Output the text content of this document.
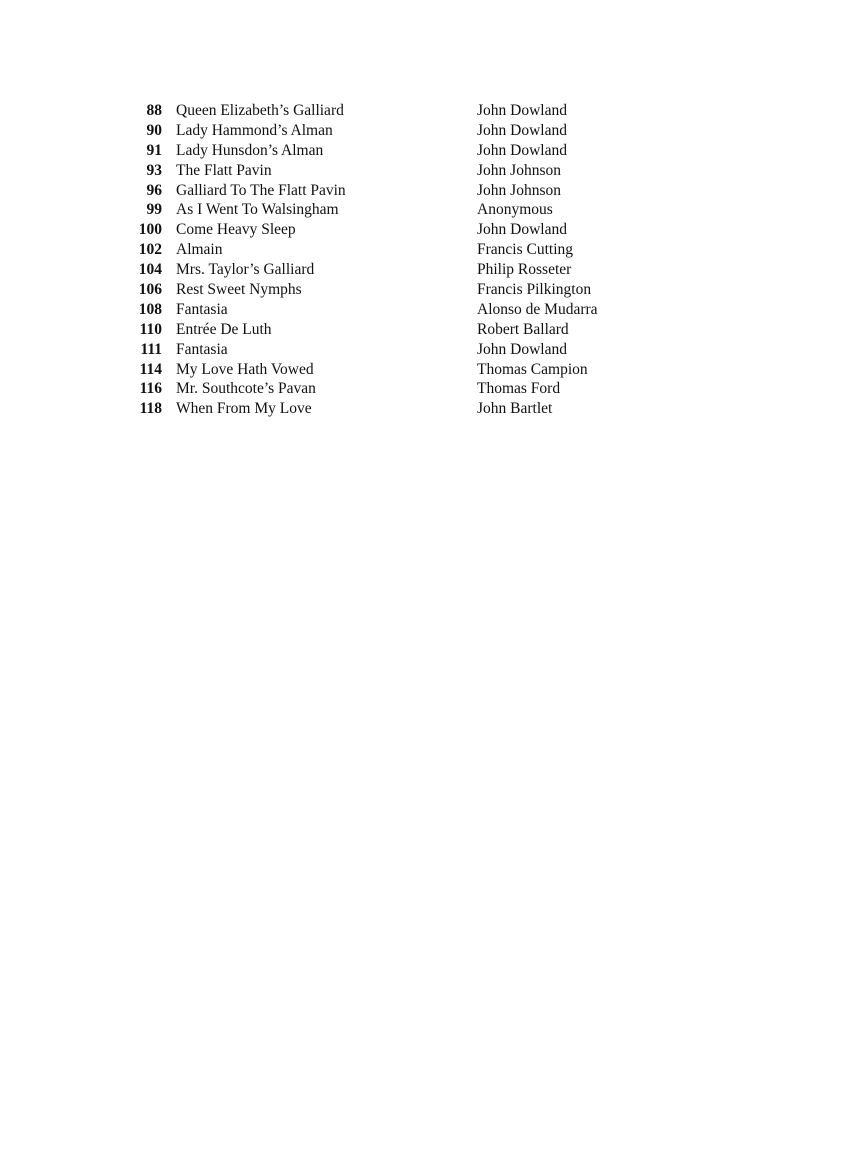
88 Queen Elizabeth’s Galliard	John Dowland
90 Lady Hammond’s Alman	John Dowland
91 Lady Hunsdon’s Alman	John Dowland
93 The Flatt Pavin	John Johnson
96 Galliard To The Flatt Pavin	John Johnson
99 As I Went To Walsingham	Anonymous
100 Come Heavy Sleep	John Dowland
102 Almain	Francis Cutting
104 Mrs. Taylor’s Galliard	Philip Rosseter
106 Rest Sweet Nymphs	Francis Pilkington
108 Fantasia	Alonso de Mudarra
110 Entrée De Luth	Robert Ballard
111 Fantasia	John Dowland
114 My Love Hath Vowed	Thomas Campion
116 Mr. Southcote’s Pavan	Thomas Ford
118 When From My Love	John Bartlet
